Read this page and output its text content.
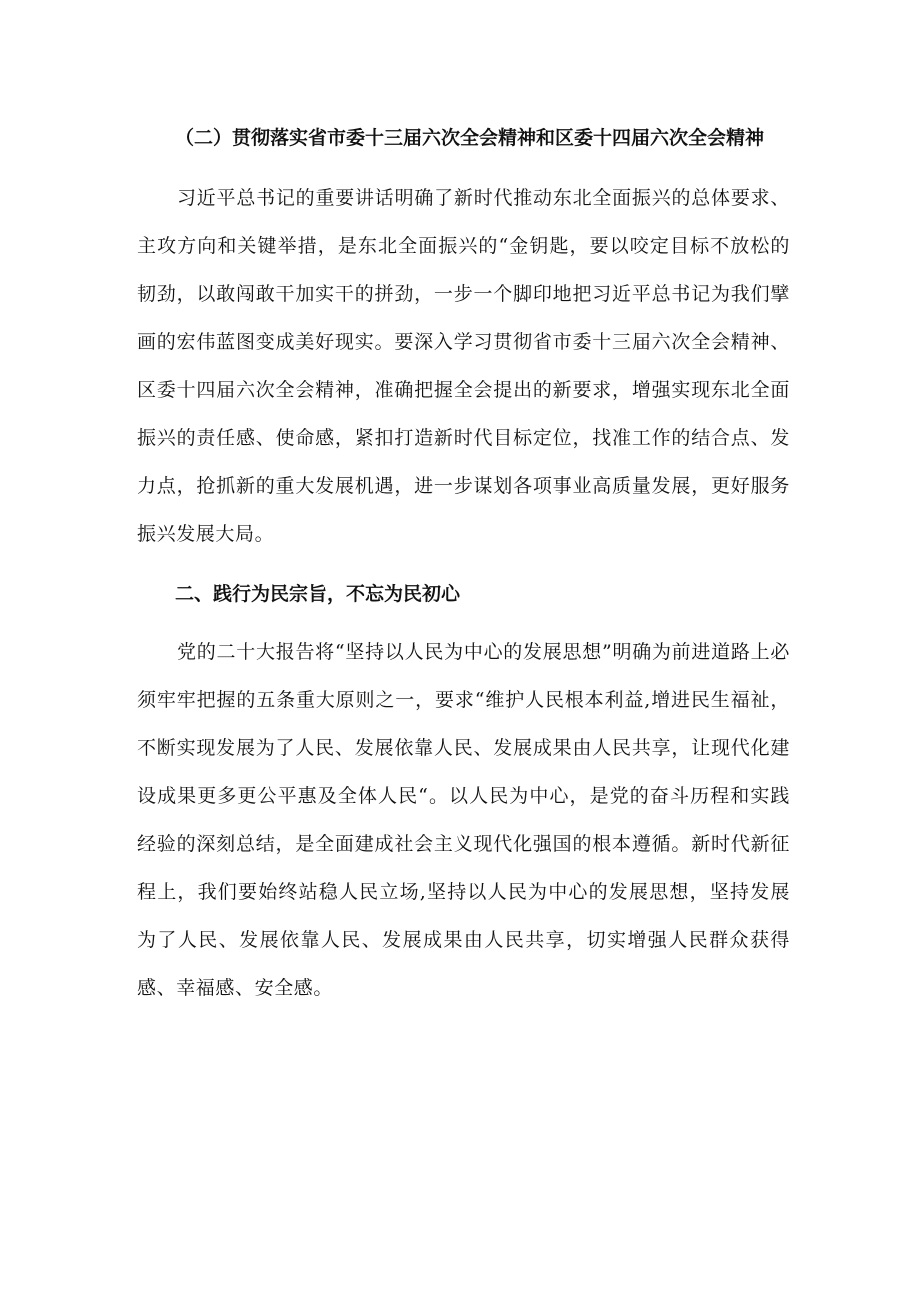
（二）贯彻落实省市委十三届六次全会精神和区委十四届六次全会精神

习近平总书记的重要讲话明确了新时代推动东北全面振兴的总体要求、主攻方向和关键举措，是东北全面振兴的“金钥匙，要以咬定目标不放松的韧劲，以敢闯敢干加实干的拼劲，一步一个脚印地把习近平总书记为我们擘画的宏伟蓝图变成美好现实。要深入学习贯彻省市委十三届六次全会精神、区委十四届六次全会精神，准确把握全会提出的新要求，增强实现东北全面振兴的责任感、使命感，紧扣打造新时代目标定位，找准工作的结合点、发力点，抢抓新的重大发展机遇，进一步谋划各项事业高质量发展，更好服务振兴发展大局。

二、践行为民宗旨，不忘为民初心

党的二十大报告将“坚持以人民为中心的发展思想”明确为前进道路上必须牢牢把握的五条重大原则之一，要求“维护人民根本利益,增进民生福祉，不断实现发展为了人民、发展依靠人民、发展成果由人民共享，让现代化建设成果更多更公平惠及全体人民“。以人民为中心，是党的奋斗历程和实践经验的深刻总结，是全面建成社会主义现代化强国的根本遵循。新时代新征程上，我们要始终站稳人民立场,坚持以人民为中心的发展思想，坚持发展为了人民、发展依靠人民、发展成果由人民共享，切实增强人民群众获得感、幸福感、安全感。
